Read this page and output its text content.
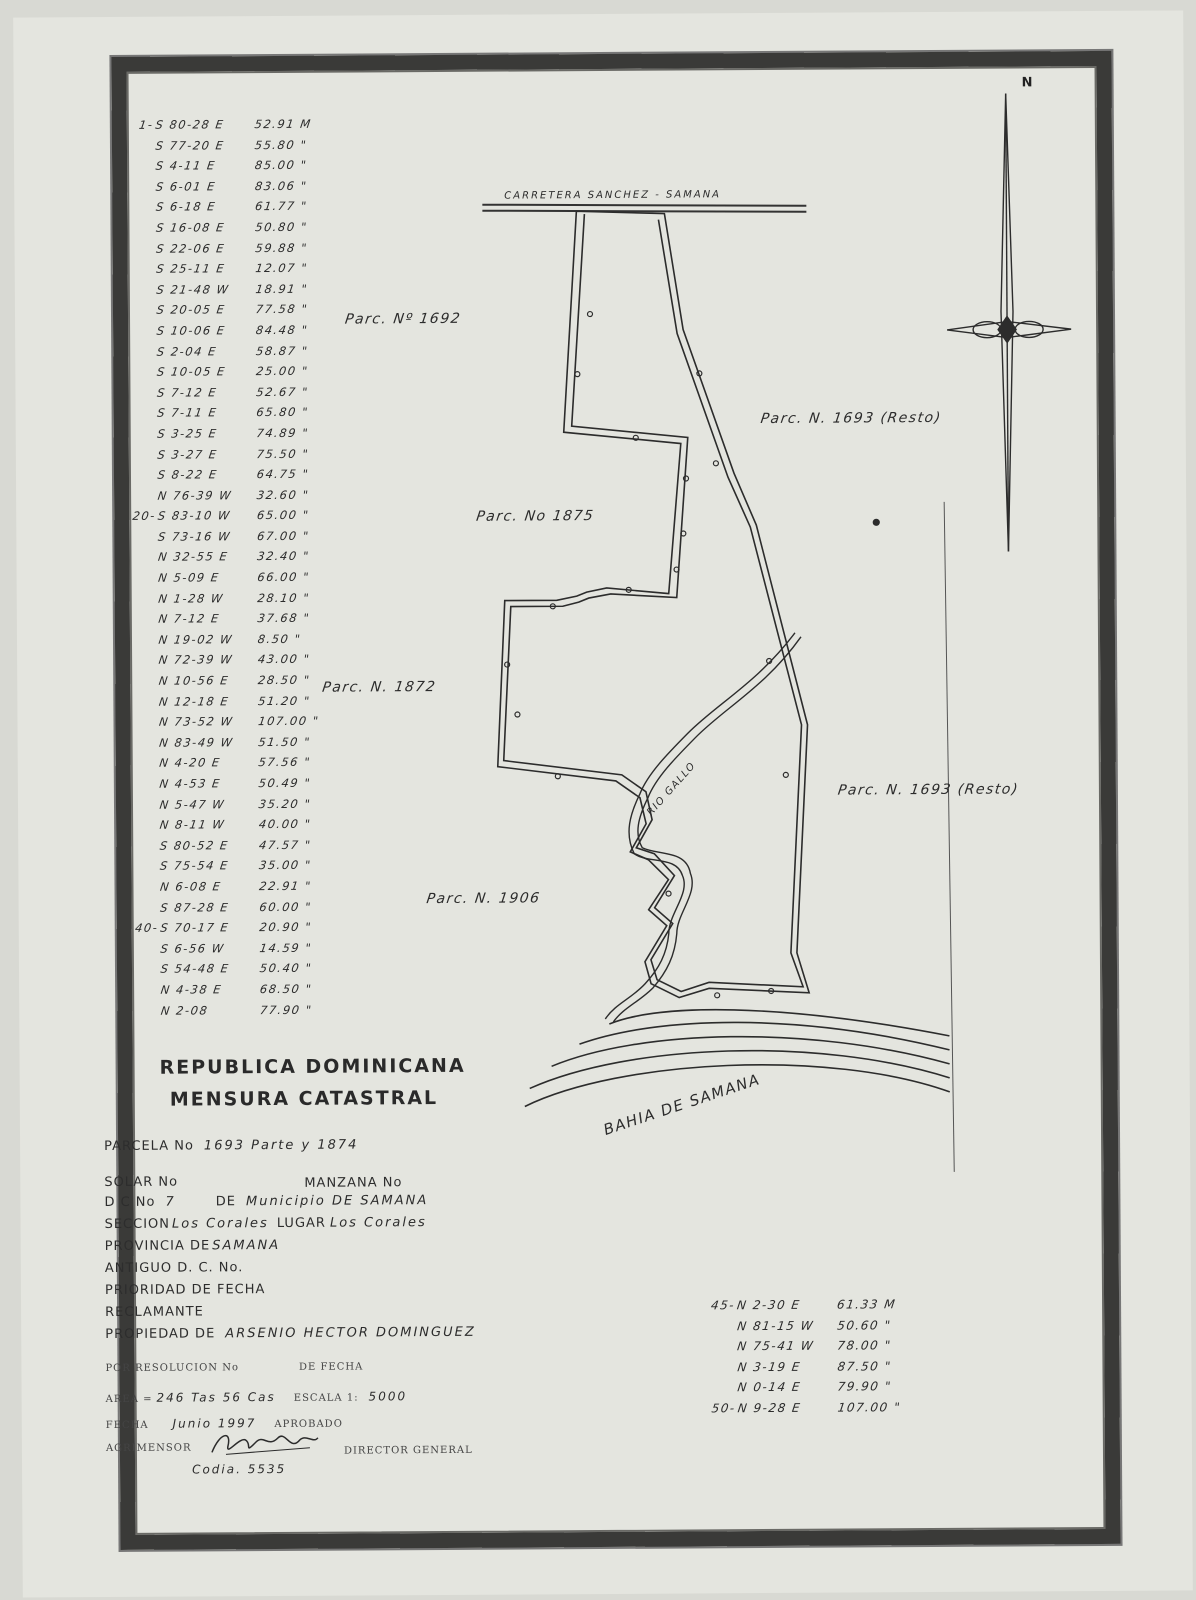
N
CARRETERA SANCHEZ - SAMANA
Parc. Nº 1692
Parc. N. 1693 (Resto)
Parc. No 1875
Parc. N. 1872
Parc. N. 1693 (Resto)
Parc. N. 1906
RIO GALLO
BAHIA DE SAMANA
1- S 80-28 E	52.91 M
S 77-20 E	55.80 "
S 4-11 E	85.00 "
S 6-01 E	83.06 "
S 6-18 E	61.77 "
S 16-08 E	50.80 "
S 22-06 E	59.88 "
S 25-11 E	12.07 "
S 21-48 W	18.91 "
S 20-05 E	77.58 "
S 10-06 E	84.48 "
S 2-04 E	58.87 "
S 10-05 E	25.00 "
S 7-12 E	52.67 "
S 7-11 E	65.80 "
S 3-25 E	74.89 "
S 3-27 E	75.50 "
S 8-22 E	64.75 "
N 76-39 W	32.60 "
20- S 83-10 W	65.00 "
S 73-16 W	67.00 "
N 32-55 E	32.40 "
N 5-09 E	66.00 "
N 1-28 W	28.10 "
N 7-12 E	37.68 "
N 19-02 W	8.50 "
N 72-39 W	43.00 "
N 10-56 E	28.50 "
N 12-18 E	51.20 "
N 73-52 W	107.00 "
N 83-49 W	51.50 "
N 4-20 E	57.56 "
N 4-53 E	50.49 "
N 5-47 W	35.20 "
N 8-11 W	40.00 "
S 80-52 E	47.57 "
S 75-54 E	35.00 "
N 6-08 E	22.91 "
S 87-28 E	60.00 "
40- S 70-17 E	20.90 "
S 6-56 W	14.59 "
S 54-48 E	50.40 "
N 4-38 E	68.50 "
N 2-08	77.90 "
REPUBLICA DOMINICANA
MENSURA CATASTRAL
PARCELA No 1693 Parte y 1874
SOLAR No	MANZANA No
D C No 7	DE Municipio DE SAMANA
SECCION Los Corales LUGAR Los Corales
PROVINCIA DE SAMANA
ANTIGUO D. C. No.
PRIORIDAD DE FECHA
RECLAMANTE
PROPIEDAD DE ARSENIO HECTOR DOMINGUEZ
POR RESOLUCION No	DE FECHA
AREA = 246 Tas 56 Cas ESCALA 1: 5000
FECHA Junio 1997 APROBADO
AGRIMENSOR	DIRECTOR GENERAL
Codia. 5535
45- N 2-30 E	61.33 M
N 81-15 W	50.60 "
N 75-41 W	78.00 "
N 3-19 E	87.50 "
N 0-14 E	79.90 "
50- N 9-28 E	107.00 "
